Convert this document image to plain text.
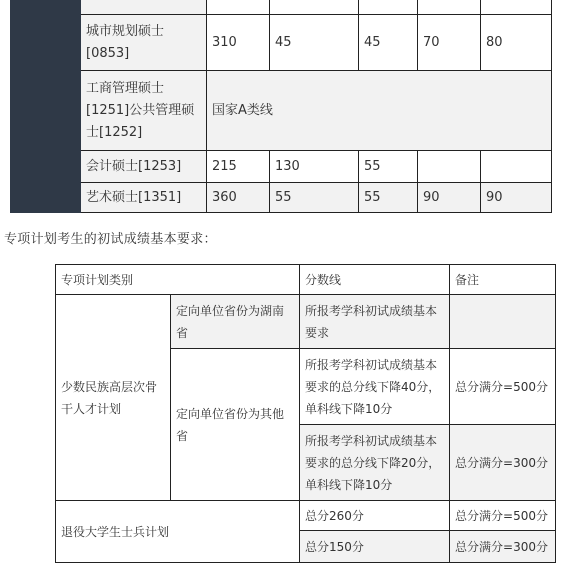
	城市规划硕士[0853]	310	45	45	70	80
	工商管理硕士[1251]公共管理硕士[1252]	国家A类线				
	会计硕士[1253]	215	130	55		
	艺术硕士[1351]	360	55	55	90	90
专项计划考生的初试成绩基本要求：
专项计划类别		分数线	备注
少数民族高层次骨干人才计划	定向单位省份为湖南省	所报考学科初试成绩基本要求	
	定向单位省份为其他省	所报考学科初试成绩基本要求的总分线下降40分，单科线下降10分	总分满分=500分
		所报考学科初试成绩基本要求的总分线下降20分，单科线下降10分	总分满分=300分
退役大学生士兵计划		总分260分	总分满分=500分
		总分150分	总分满分=300分
